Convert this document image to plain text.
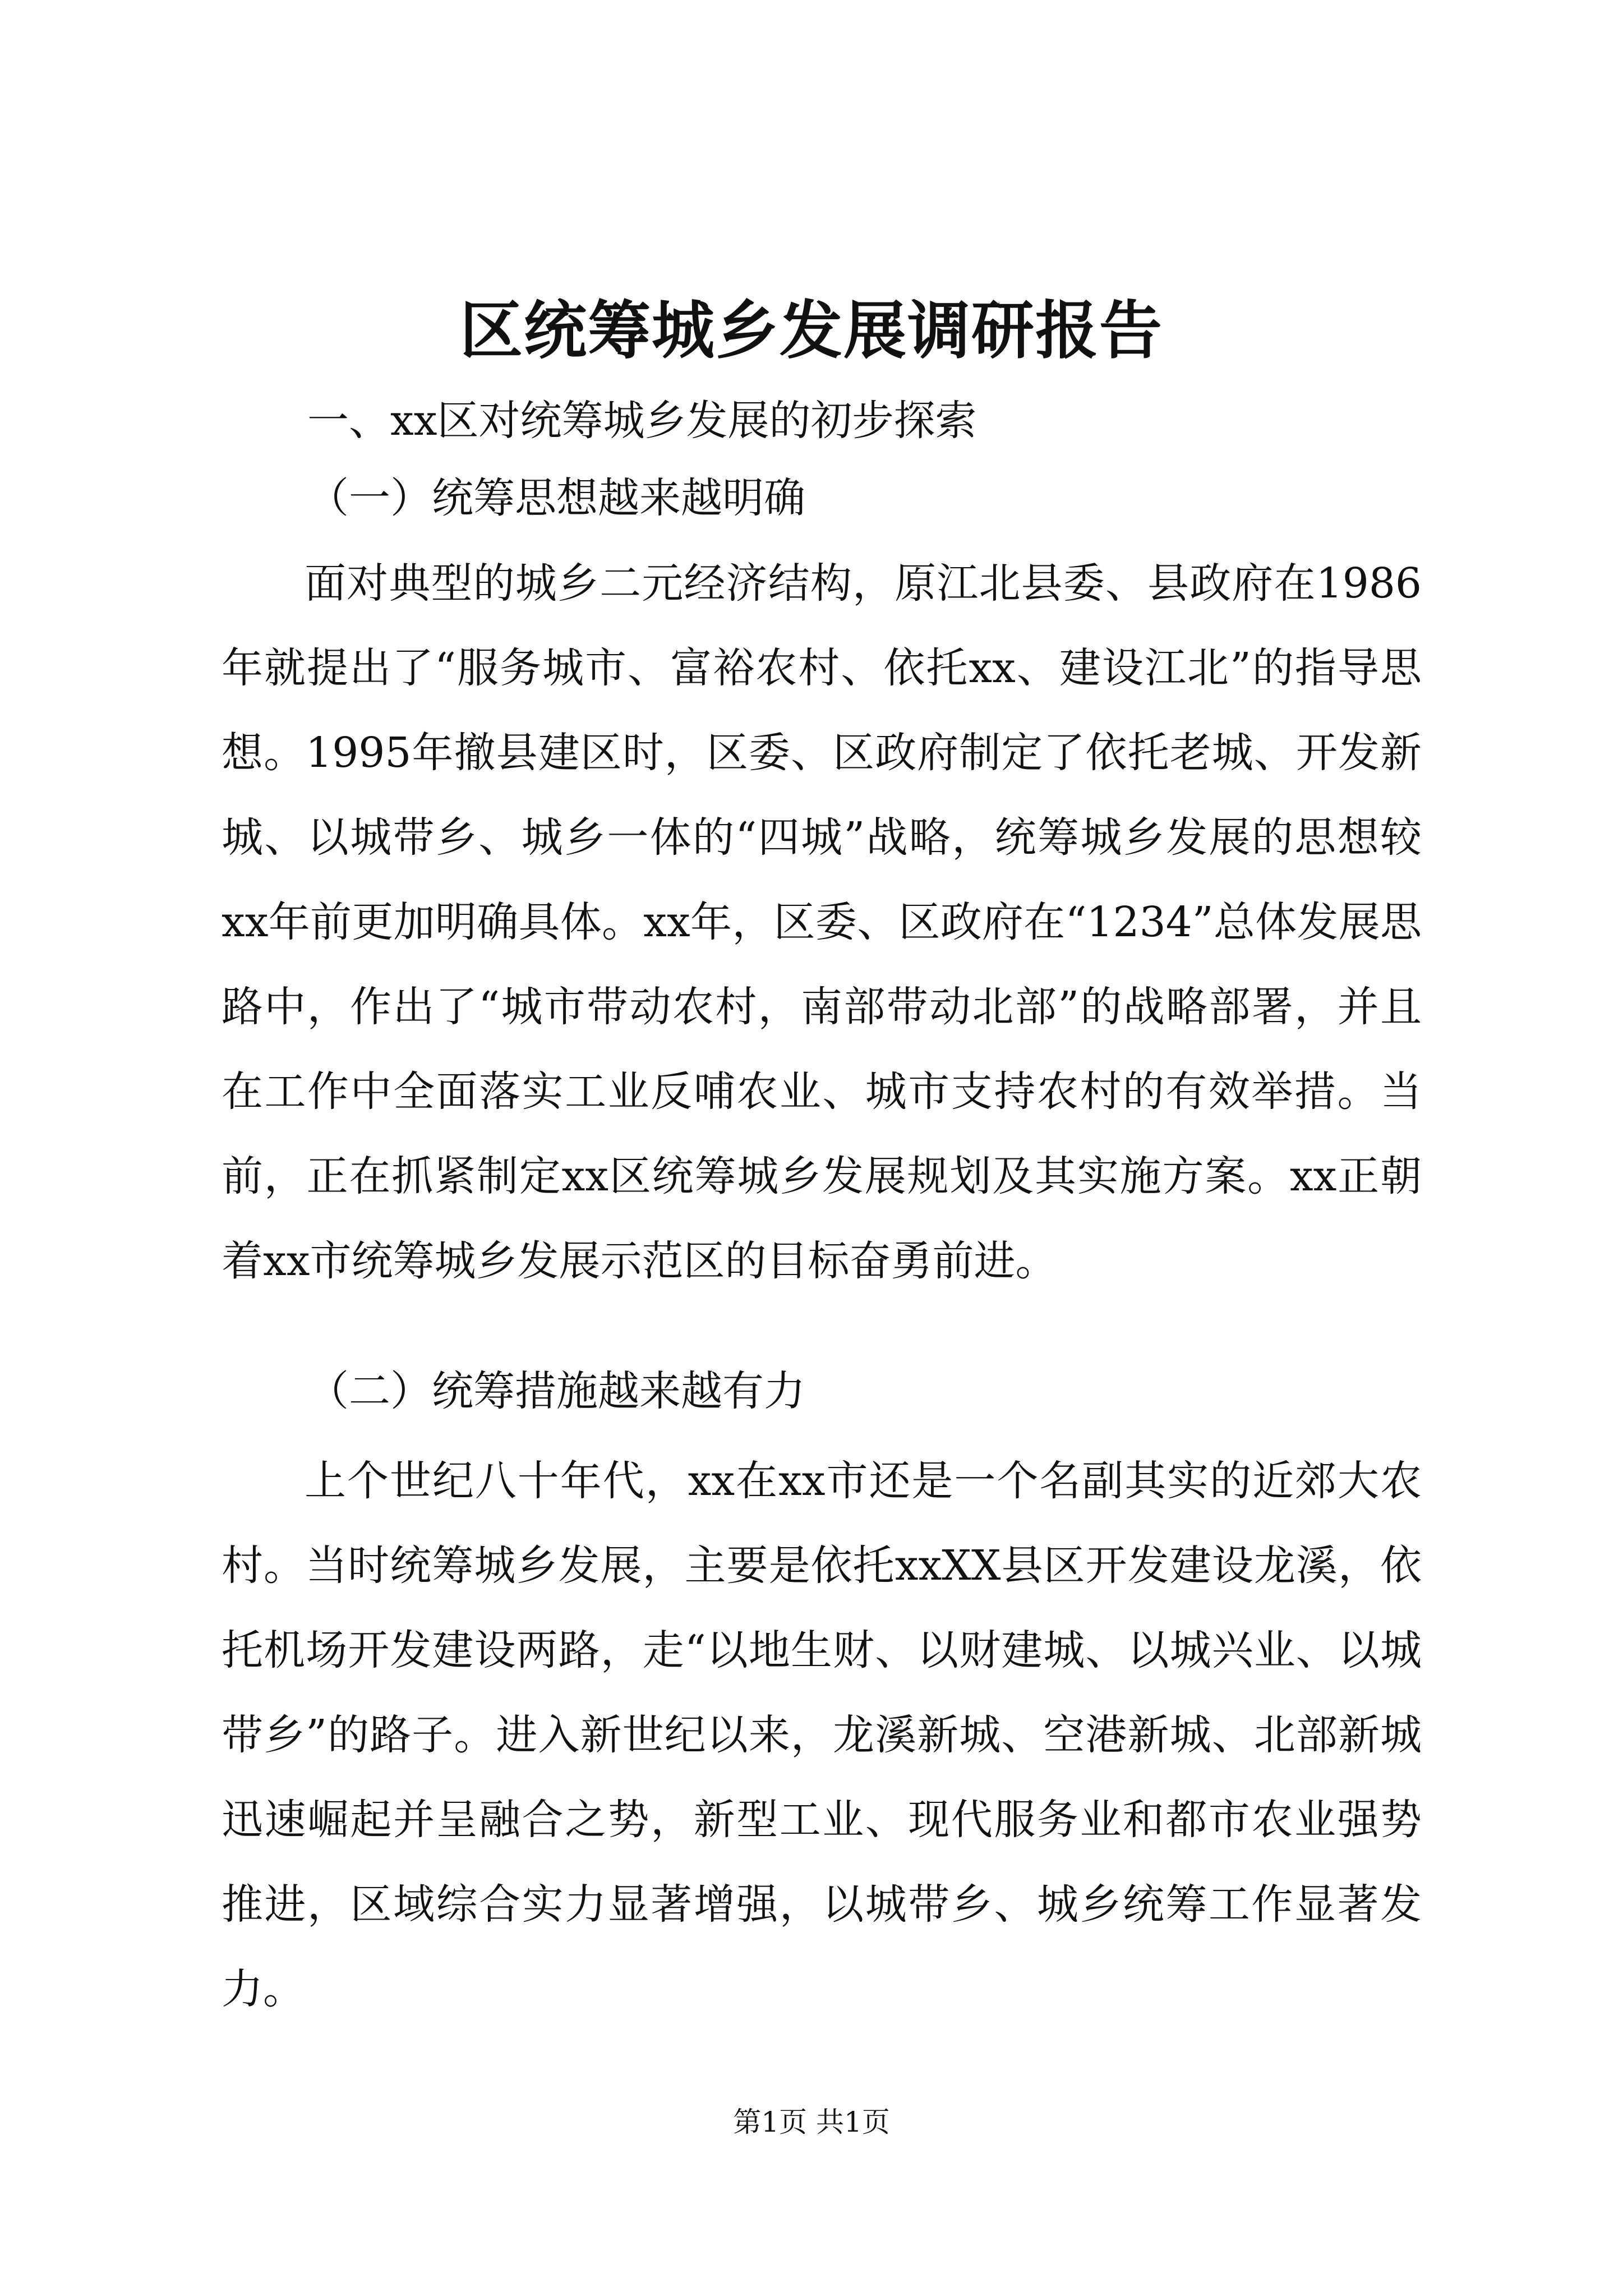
区统筹城乡发展调研报告
一、xx区对统筹城乡发展的初步探索
（一）统筹思想越来越明确

面对典型的城乡二元经济结构，原江北县委、县政府在1986年就提出了“服务城市、富裕农村、依托xx、建设江北”的指导思想。1995年撤县建区时，区委、区政府制定了依托老城、开发新城、以城带乡、城乡一体的“四城”战略，统筹城乡发展的思想较xx年前更加明确具体。xx年，区委、区政府在“1234”总体发展思路中，作出了“城市带动农村，南部带动北部”的战略部署，并且在工作中全面落实工业反哺农业、城市支持农村的有效举措。当前，正在抓紧制定xx区统筹城乡发展规划及其实施方案。xx正朝着xx市统筹城乡发展示范区的目标奋勇前进。

（二）统筹措施越来越有力

上个世纪八十年代，xx在xx市还是一个名副其实的近郊大农村。当时统筹城乡发展，主要是依托xxXX县区开发建设龙溪，依托机场开发建设两路，走“以地生财、以财建城、以城兴业、以城带乡”的路子。进入新世纪以来，龙溪新城、空港新城、北部新城迅速崛起并呈融合之势，新型工业、现代服务业和都市农业强势推进，区域综合实力显著增强，以城带乡、城乡统筹工作显著发力。

第1页 共1页
